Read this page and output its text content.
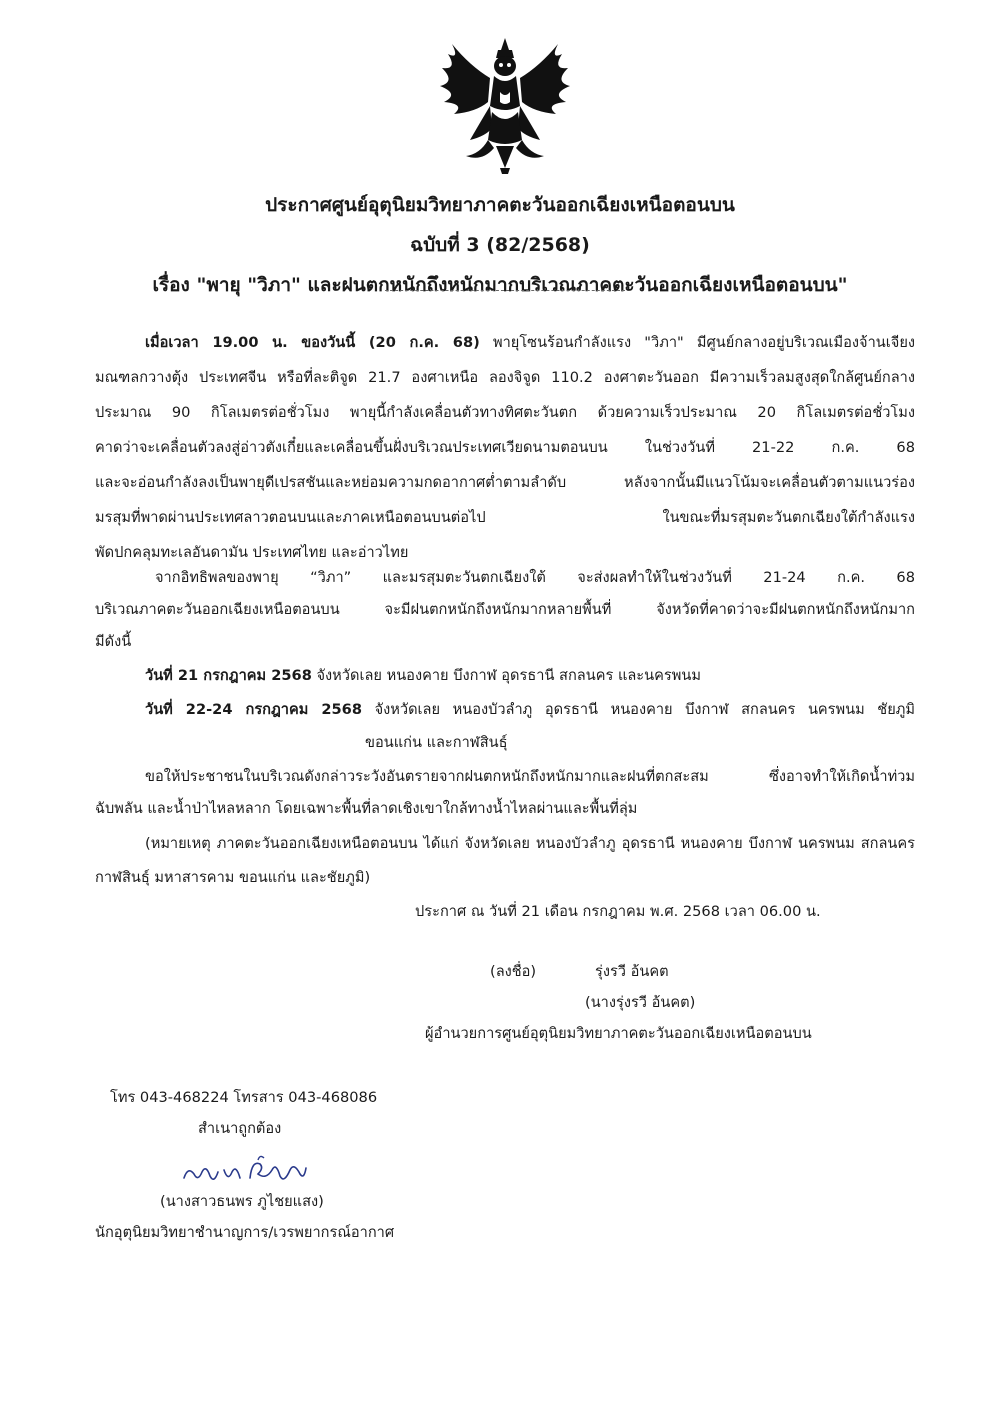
ประกาศศูนย์อุตุนิยมวิทยาภาคตะวันออกเฉียงเหนือตอนบน
ฉบับที่ 3 (82/2568)
เรื่อง "พายุ "วิภา" และฝนตกหนักถึงหนักมากบริเวณภาคตะวันออกเฉียงเหนือตอนบน"
เมื่อเวลา 19.00 น. ของวันนี้ (20 ก.ค. 68) พายุโซนร้อนกำลังแรง "วิภา" มีศูนย์กลางอยู่บริเวณเมืองจ้านเจียง
มณฑลกวางตุ้ง ประเทศจีน หรือที่ละติจูด 21.7 องศาเหนือ ลองจิจูด 110.2 องศาตะวันออก มีความเร็วลมสูงสุดใกล้ศูนย์กลาง
ประมาณ 90 กิโลเมตรต่อชั่วโมง พายุนี้กำลังเคลื่อนตัวทางทิศตะวันตก ด้วยความเร็วประมาณ 20 กิโลเมตรต่อชั่วโมง
คาดว่าจะเคลื่อนตัวลงสู่อ่าวตังเกี๋ยและเคลื่อนขึ้นฝั่งบริเวณประเทศเวียดนามตอนบน ในช่วงวันที่ 21-22 ก.ค. 68
และจะอ่อนกำลังลงเป็นพายุดีเปรสชันและหย่อมความกดอากาศต่ำตามลำดับ หลังจากนั้นมีแนวโน้มจะเคลื่อนตัวตามแนวร่อง
มรสุมที่พาดผ่านประเทศลาวตอนบนและภาคเหนือตอนบนต่อไป ในขณะที่มรสุมตะวันตกเฉียงใต้กำลังแรง
พัดปกคลุมทะเลอันดามัน ประเทศไทย และอ่าวไทย
จากอิทธิพลของพายุ “วิภา” และมรสุมตะวันตกเฉียงใต้ จะส่งผลทำให้ในช่วงวันที่ 21-24 ก.ค. 68
บริเวณภาคตะวันออกเฉียงเหนือตอนบน จะมีฝนตกหนักถึงหนักมากหลายพื้นที่ จังหวัดที่คาดว่าจะมีฝนตกหนักถึงหนักมาก
มีดังนี้
วันที่ 21 กรกฎาคม 2568 จังหวัดเลย หนองคาย บึงกาฬ อุดรธานี สกลนคร และนครพนม
วันที่ 22-24 กรกฎาคม 2568 จังหวัดเลย หนองบัวลำภู อุดรธานี หนองคาย บึงกาฬ สกลนคร นครพนม ชัยภูมิ
ขอนแก่น และกาฬสินธุ์
ขอให้ประชาชนในบริเวณดังกล่าวระวังอันตรายจากฝนตกหนักถึงหนักมากและฝนที่ตกสะสม ซึ่งอาจทำให้เกิดน้ำท่วม
ฉับพลัน และน้ำป่าไหลหลาก โดยเฉพาะพื้นที่ลาดเชิงเขาใกล้ทางน้ำไหลผ่านและพื้นที่ลุ่ม
(หมายเหตุ ภาคตะวันออกเฉียงเหนือตอนบน ได้แก่ จังหวัดเลย หนองบัวลำภู อุดรธานี หนองคาย บึงกาฬ นครพนม สกลนคร
กาฬสินธุ์ มหาสารคาม ขอนแก่น และชัยภูมิ)
ประกาศ ณ วันที่ 21 เดือน กรกฎาคม พ.ศ. 2568 เวลา 06.00 น.
(ลงชื่อ)	รุ่งรวี อ้นคต
(นางรุ่งรวี อ้นคต)
ผู้อำนวยการศูนย์อุตุนิยมวิทยาภาคตะวันออกเฉียงเหนือตอนบน
โทร 043-468224 โทรสาร 043-468086
สำเนาถูกต้อง
(นางสาวธนพร ภูไชยแสง)
นักอุตุนิยมวิทยาชำนาญการ/เวรพยากรณ์อากาศ
